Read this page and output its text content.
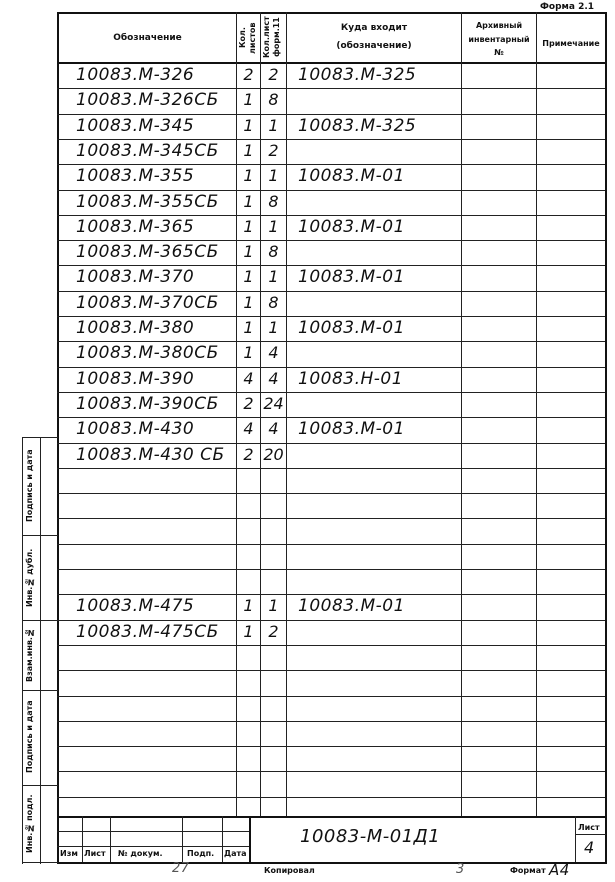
Форма 2.1
Обозначение	Кол. листов Кол.лист форм.11	Куда входит
(обозначение)
Архивный
инвентарный
№
Примечание
10083.М-326	2 2	10083.М-325
10083.М-326СБ	1 8
10083.М-345	1 1	10083.М-325
10083.М-345СБ	1 2
10083.М-355	1 1	10083.М-01
10083.М-355СБ	1 8
10083.М-365	1 1	10083.М-01
10083.М-365СБ	1 8
10083.М-370	1 1	10083.М-01
10083.М-370СБ	1 8
10083.М-380	1 1	10083.М-01
10083.М-380СБ	1 4
10083.М-390	4 4	10083.Н-01
10083.М-390СБ	2 24
10083.М-430	4 4	10083.М-01
10083.М-430 СБ	2 20
10083.М-475	1 1	10083.М-01
10083.М-475СБ	1 2
Подпись и дата
Инв.№ дубл.
Взам.инв.№
Подпись и дата
Инв.№ подл.
Изм Лист № докум.	Подп. Дата
10083-М-01Д1	Лист
4
Копировал	Формат А4
27	3
